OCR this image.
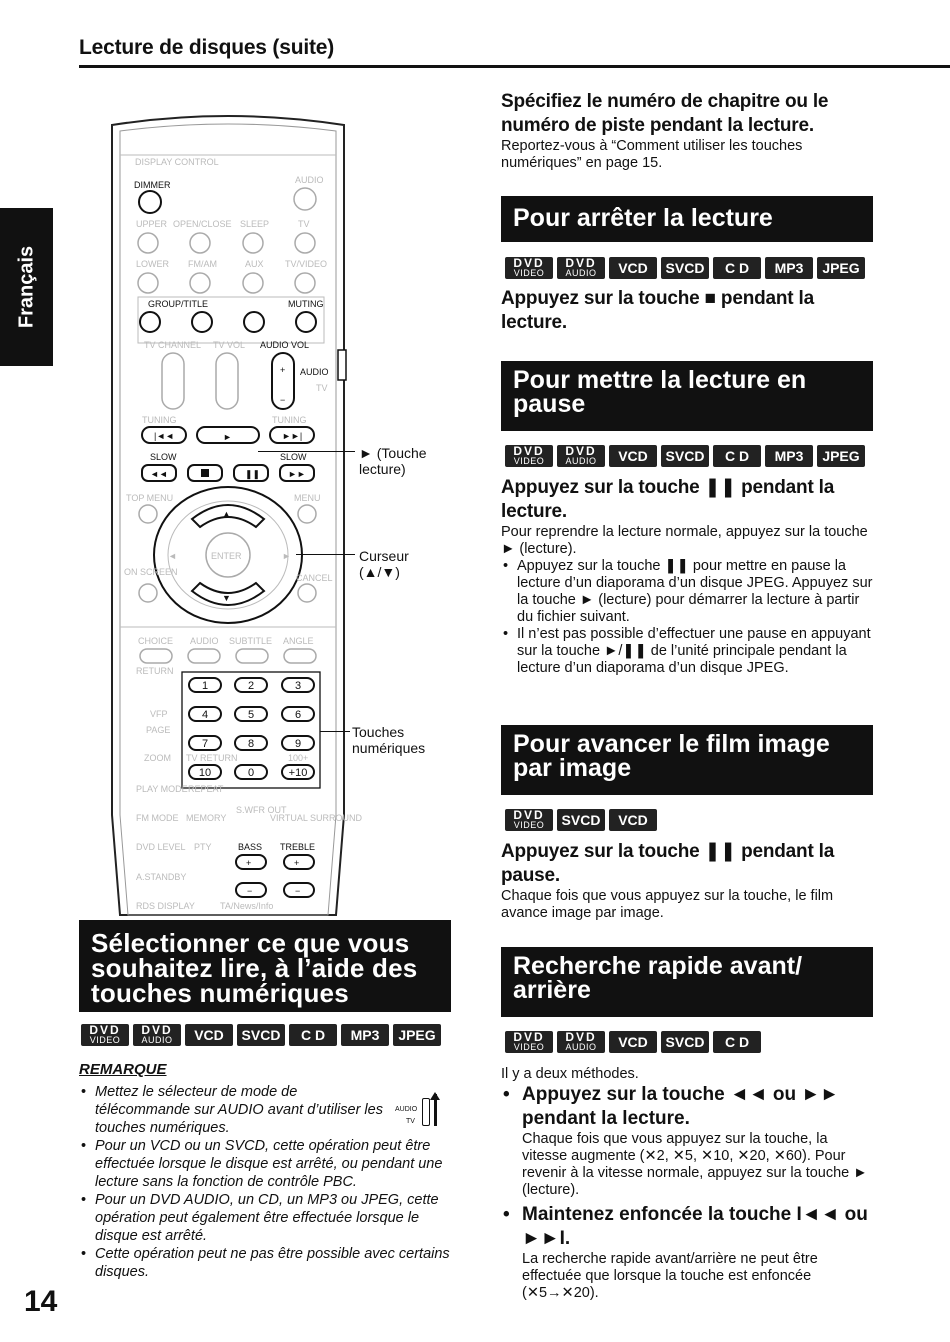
Lecture de disques (suite)
Français
14
DISPLAY CONTROL
DIMMER	AUDIO
UPPER OPEN/CLOSE SLEEP	TV
LOWER FM/AM	AUX TV/VIDEO
GROUP/TITLE	MUTING
TV CHANNEL TV VOL AUDIO VOL
+
−
AUDIO
TV
TUNING	TUNING
|◄◄	►	►►|
SLOW	SLOW
◄◄	❚❚	►►
TOP MENU	MENU
▲
▼
ENTER
◄	►
ON SCREEN
CANCEL
CHOICE AUDIO SUBTITLE ANGLE
RETURN
1	2	3
4	5	6
7	8	9
10	0	+10
VFP
PAGE
ZOOM TV RETURN	100+
PLAY MODE REPEAT
FM MODE MEMORY
S.WFR OUT
VIRTUAL SURROUND
DVD LEVEL PTY	BASS TREBLE
+	+
A.STANDBY
−	−
RDS DISPLAY	TA/News/Info
► (Touche lecture)
Curseur (▲/▼)
Touches numériques
Sélectionner ce que vous souhaitez lire, à l’aide des touches numériques
DVD
VIDEO
DVD
AUDIO	VCD	SVCD	C D	MP3	JPEG
REMARQUE
• Mettez le sélecteur de mode de télécommande sur AUDIO avant d’utiliser les touches numériques.
• Pour un VCD ou un SVCD, cette opération peut être effectuée lorsque le disque est arrêté, ou pendant une lecture sans la fonction de contrôle PBC.
• Pour un DVD AUDIO, un CD, un MP3 ou JPEG, cette opération peut également être effectuée lorsque le disque est arrêté.
• Cette opération peut ne pas être possible avec certains disques.
AUDIO
TV
Spécifiez le numéro de chapitre ou le numéro de piste pendant la lecture.
Reportez-vous à “Comment utiliser les touches numériques” en page 15.
Pour arrêter la lecture
DVD
VIDEO
DVD
AUDIO	VCD	SVCD	C D	MP3	JPEG
Appuyez sur la touche ■ pendant la lecture.
Pour mettre la lecture en pause
DVD
VIDEO
DVD
AUDIO	VCD	SVCD	C D	MP3	JPEG
Appuyez sur la touche ❚❚ pendant la lecture.
Pour reprendre la lecture normale, appuyez sur la touche ► (lecture).
• Appuyez sur la touche ❚❚ pour mettre en pause la lecture d’un diaporama d’un disque JPEG. Appuyez sur la touche ► (lecture) pour démarrer la lecture à partir du fichier suivant.
• Il n’est pas possible d’effectuer une pause en appuyant sur la touche ►/❚❚ de l’unité principale pendant la lecture d’un diaporama d’un disque JPEG.
Pour avancer le film image par image
DVD
VIDEO	SVCD	VCD
Appuyez sur la touche ❚❚ pendant la pause.
Chaque fois que vous appuyez sur la touche, le film avance image par image.
Recherche rapide avant/ arrière
DVD
VIDEO
DVD
AUDIO	VCD	SVCD	C D
Il y a deux méthodes.
• Appuyez sur la touche ◄◄ ou ►► pendant la lecture.
Chaque fois que vous appuyez sur la touche, la vitesse augmente (✕2, ✕5, ✕10, ✕20, ✕60). Pour revenir à la vitesse normale, appuyez sur la touche ► (lecture).
• Maintenez enfoncée la touche I◄◄ ou ►►I.
La recherche rapide avant/arrière ne peut être effectuée que lorsque la touche est enfoncée (✕5→✕20).
